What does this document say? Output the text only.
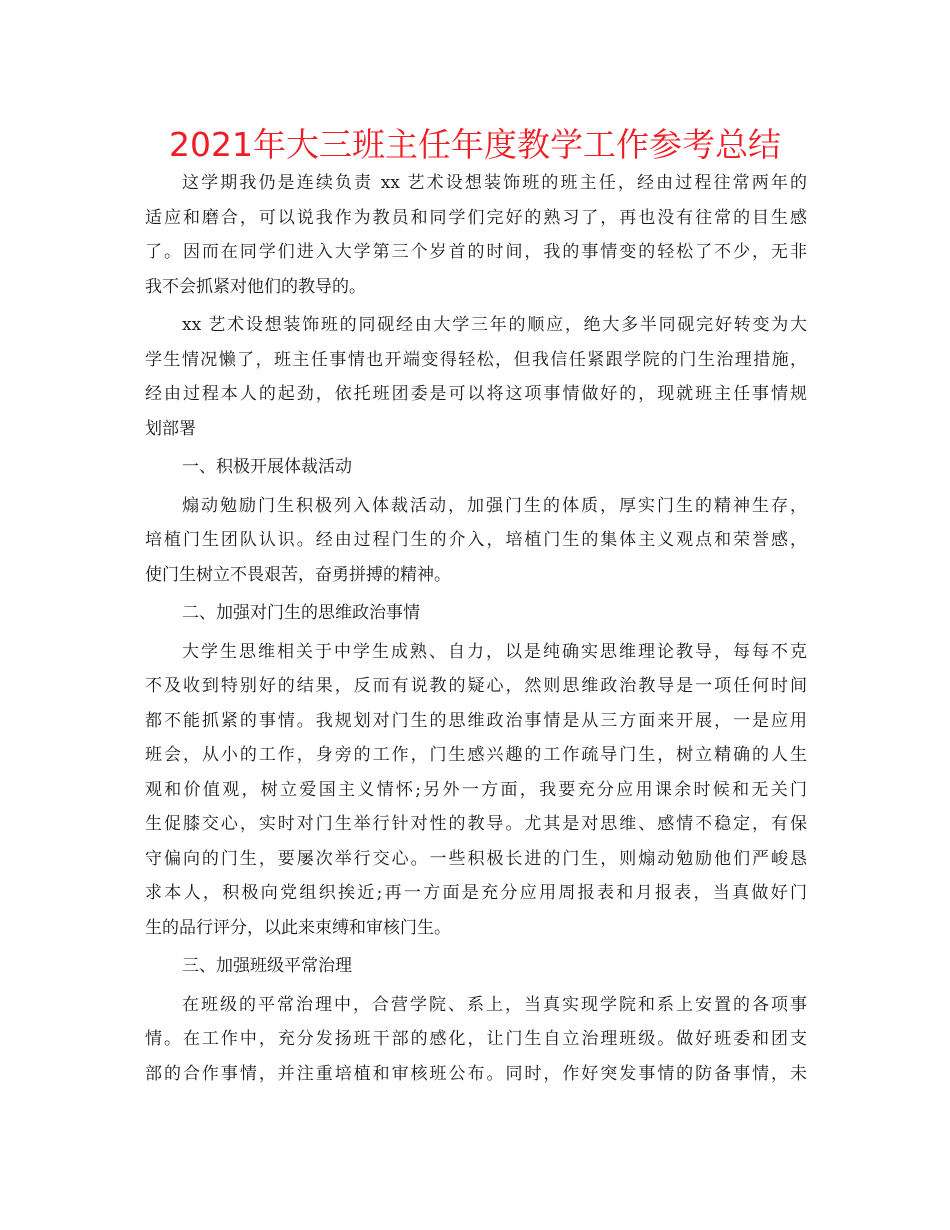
2021年大三班主任年度教学工作参考总结
这学期我仍是连续负责 xx 艺术设想装饰班的班主任，经由过程往常两年的
适应和磨合，可以说我作为教员和同学们完好的熟习了，再也没有往常的目生感
了。因而在同学们进入大学第三个岁首的时间，我的事情变的轻松了不少，无非
我不会抓紧对他们的教导的。
xx 艺术设想装饰班的同砚经由大学三年的顺应，绝大多半同砚完好转变为大
学生情况懒了，班主任事情也开端变得轻松，但我信任紧跟学院的门生治理措施，
经由过程本人的起劲，依托班团委是可以将这项事情做好的，现就班主任事情规
划部署
一、积极开展体裁活动
煽动勉励门生积极列入体裁活动，加强门生的体质，厚实门生的精神生存，
培植门生团队认识。经由过程门生的介入，培植门生的集体主义观点和荣誉感，
使门生树立不畏艰苦，奋勇拼搏的精神。
二、加强对门生的思维政治事情
大学生思维相关于中学生成熟、自力，以是纯确实思维理论教导，每每不克
不及收到特别好的结果，反而有说教的疑心，然则思维政治教导是一项任何时间
都不能抓紧的事情。我规划对门生的思维政治事情是从三方面来开展，一是应用
班会，从小的工作，身旁的工作，门生感兴趣的工作疏导门生，树立精确的人生
观和价值观，树立爱国主义情怀;另外一方面，我要充分应用课余时候和无关门
生促膝交心，实时对门生举行针对性的教导。尤其是对思维、感情不稳定，有保
守偏向的门生，要屡次举行交心。一些积极长进的门生，则煽动勉励他们严峻恳
求本人，积极向党组织挨近;再一方面是充分应用周报表和月报表，当真做好门
生的品行评分，以此来束缚和审核门生。
三、加强班级平常治理
在班级的平常治理中，合营学院、系上，当真实现学院和系上安置的各项事
情。在工作中，充分发扬班干部的感化，让门生自立治理班级。做好班委和团支
部的合作事情，并注重培植和审核班公布。同时，作好突发事情的防备事情，未
